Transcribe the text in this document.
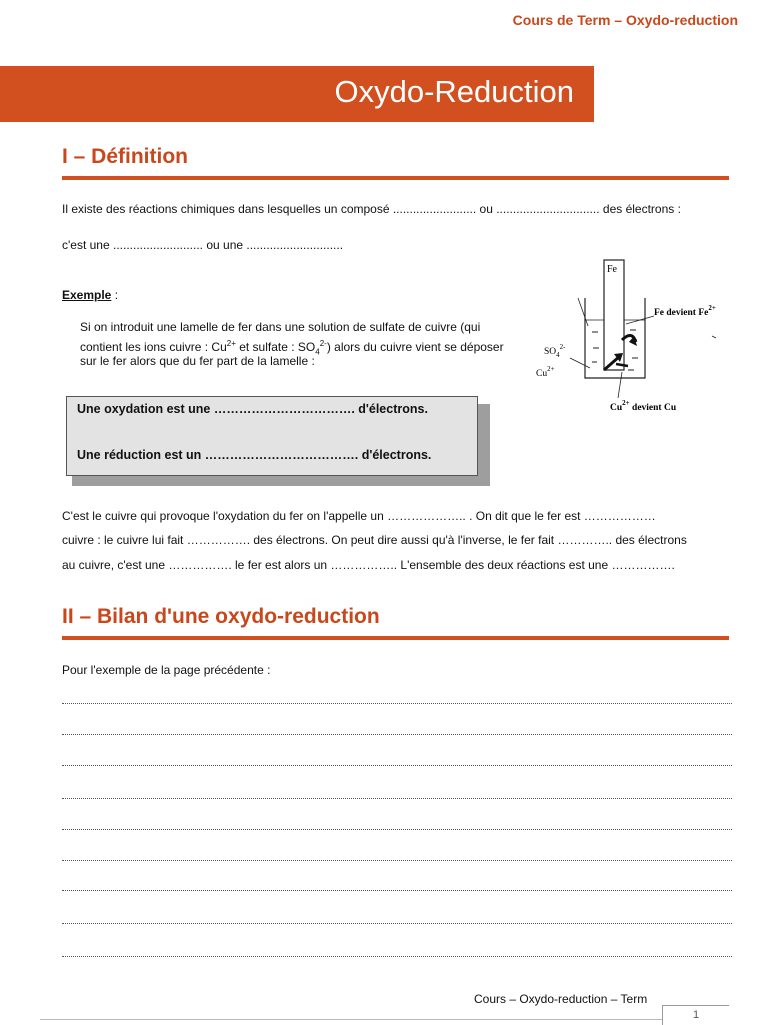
Cours de Term – Oxydo-reduction
Oxydo-Reduction
I – Définition
Il existe des réactions chimiques dans lesquelles un composé ......................... ou ............................... des électrons :
c'est une ........................... ou une .............................
Exemple :
Si on introduit une lamelle de fer dans une solution de sulfate de cuivre (qui
contient les ions cuivre : $Cu^{2+}$ et sulfate : $SO_4^{2-}$) alors du cuivre vient se déposer
sur le fer alors que du fer part de la lamelle :
Fe
Fe devient $Fe^{2+}$
$SO_4^{2-}$
$Cu^{2+}$
$Cu^{2+}$ devient Cu
Une oxydation est une ……………………………. d'électrons.
Une réduction est un ………………………………. d'électrons.
C'est le cuivre qui provoque l'oxydation du fer on l'appelle un ……………….. . On dit que le fer est ………………
cuivre : le cuivre lui fait ……………. des électrons. On peut dire aussi qu'à l'inverse, le fer fait ………….. des électrons
au cuivre, c'est une ……………. le fer est alors un …………….. L'ensemble des deux réactions est une …………….
II – Bilan d'une oxydo-reduction
Pour l'exemple de la page précédente :
Cours – Oxydo-reduction – Term
1
